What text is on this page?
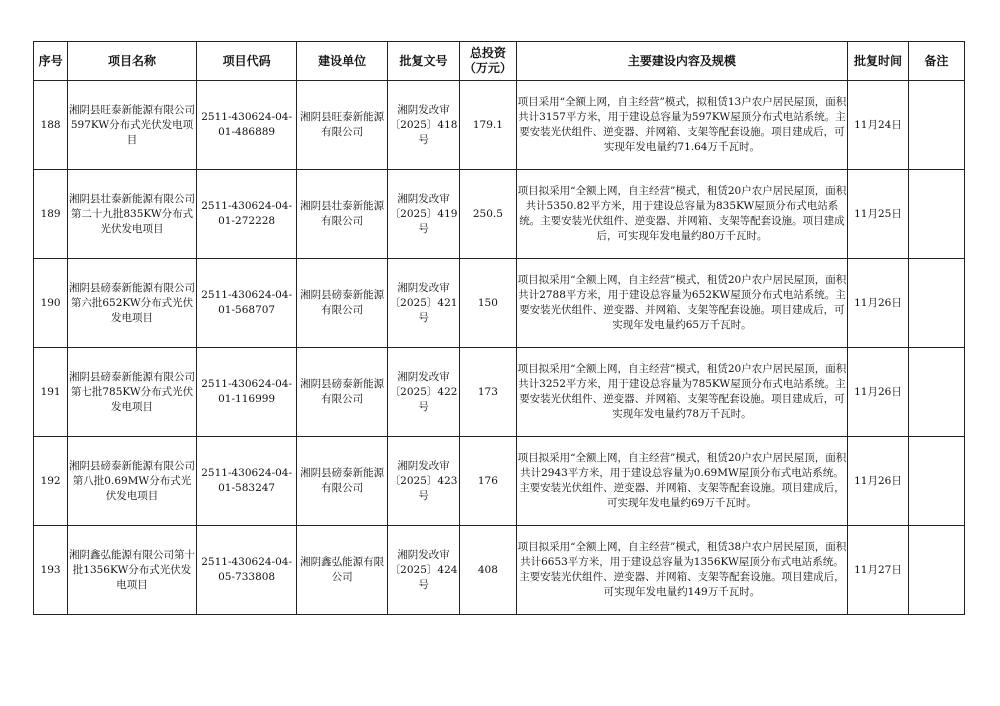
序号	项目名称	项目代码	建设单位	批复文号	总投资（万元）	主要建设内容及规模	批复时间	备注
188	湘阴县旺泰新能源有限公司597KW分布式光伏发电项目	2511-430624-04-01-486889	湘阴县旺泰新能源有限公司	湘阴发改审〔2025〕418号	179.1	项目采用“全额上网，自主经营”模式，拟租赁13户农户居民屋顶，面积共计3157平方米，用于建设总容量为597KW屋顶分布式电站系统。主要安装光伏组件、逆变器、并网箱、支架等配套设施。项目建成后，可实现年发电量约71.64万千瓦时。	11月24日	
189	湘阴县壮泰新能源有限公司第二十九批835KW分布式光伏发电项目	2511-430624-04-01-272228	湘阴县壮泰新能源有限公司	湘阴发改审〔2025〕419号	250.5	项目拟采用“全额上网，自主经营”模式，租赁20户农户居民屋顶，面积共计5350.82平方米，用于建设总容量为835KW屋顶分布式电站系统。主要安装光伏组件、逆变器、并网箱、支架等配套设施。项目建成后，可实现年发电量约80万千瓦时。	11月25日	
190	湘阴县磅泰新能源有限公司第六批652KW分布式光伏发电项目	2511-430624-04-01-568707	湘阴县磅泰新能源有限公司	湘阴发改审〔2025〕421号	150	项目拟采用“全额上网，自主经营”模式，租赁20户农户居民屋顶，面积共计2788平方米，用于建设总容量为652KW屋顶分布式电站系统。主要安装光伏组件、逆变器、并网箱、支架等配套设施。项目建成后，可实现年发电量约65万千瓦时。	11月26日	
191	湘阴县磅泰新能源有限公司第七批785KW分布式光伏发电项目	2511-430624-04-01-116999	湘阴县磅泰新能源有限公司	湘阴发改审〔2025〕422号	173	项目拟采用“全额上网，自主经营”模式，租赁20户农户居民屋顶，面积共计3252平方米，用于建设总容量为785KW屋顶分布式电站系统。主要安装光伏组件、逆变器、并网箱、支架等配套设施。项目建成后，可实现年发电量约78万千瓦时。	11月26日	
192	湘阴县磅泰新能源有限公司第八批0.69MW分布式光伏发电项目	2511-430624-04-01-583247	湘阴县磅泰新能源有限公司	湘阴发改审〔2025〕423号	176	项目拟采用“全额上网，自主经营”模式，租赁20户农户居民屋顶，面积共计2943平方米，用于建设总容量为0.69MW屋顶分布式电站系统。主要安装光伏组件、逆变器、并网箱、支架等配套设施。项目建成后，可实现年发电量约69万千瓦时。	11月26日	
193	湘阴鑫弘能源有限公司第十批1356KW分布式光伏发电项目	2511-430624-04-05-733808	湘阴鑫弘能源有限公司	湘阴发改审〔2025〕424号	408	项目拟采用“全额上网，自主经营”模式，租赁38户农户居民屋顶，面积共计6653平方米，用于建设总容量为1356KW屋顶分布式电站系统。主要安装光伏组件、逆变器、并网箱、支架等配套设施。项目建成后，可实现年发电量约149万千瓦时。	11月27日	
